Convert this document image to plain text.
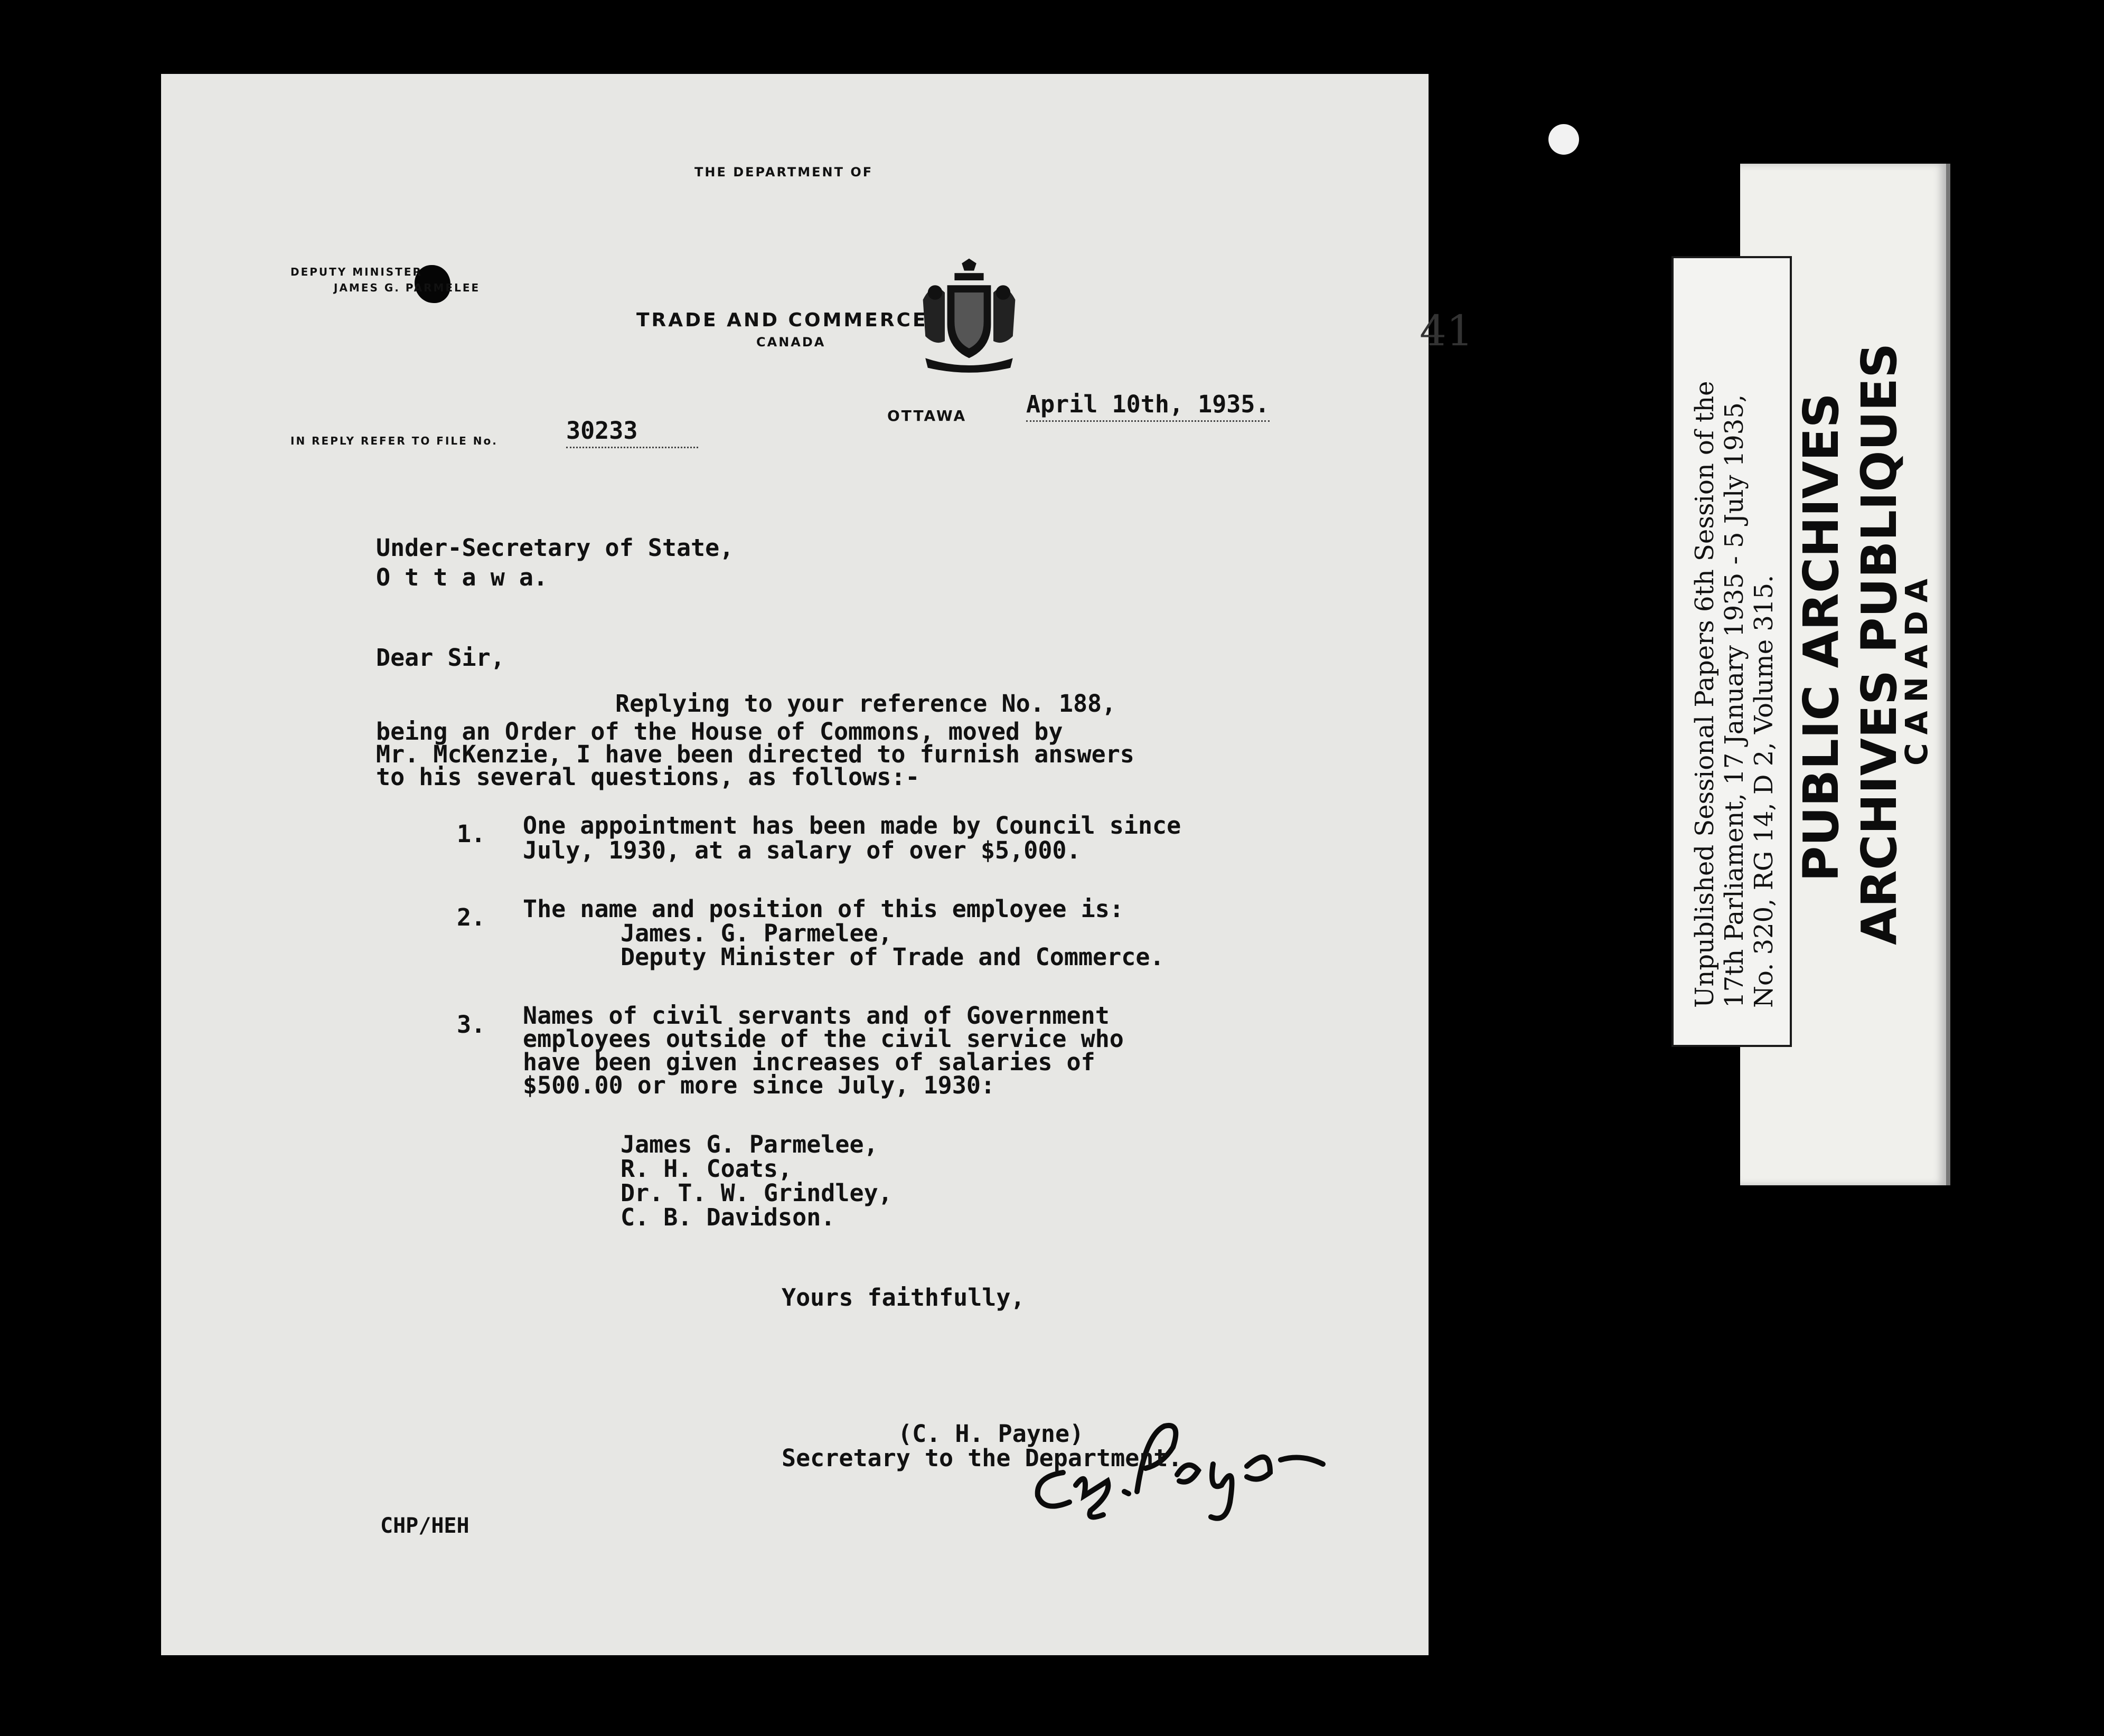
THE DEPARTMENT OF
TRADE AND COMMERCE
CANADA
DEPUTY MINISTER
JAMES G. PARMELEE
41
OTTAWA	April 10th, 1935.
IN REPLY REFER TO FILE No.	30233
Under-Secretary of State,
O t t a w a.
Dear Sir,
Replying to your reference No. 188,
being an Order of the House of Commons, moved by
Mr. McKenzie, I have been directed to furnish answers
to his several questions, as follows:-
1. One appointment has been made by Council since
July, 1930, at a salary of over $5,000.
2. The name and position of this employee is:
James. G. Parmelee,
Deputy Minister of Trade and Commerce.
3. Names of civil servants and of Government
employees outside of the civil service who
have been given increases of salaries of
$500.00 or more since July, 1930:
James G. Parmelee,
R. H. Coats,
Dr. T. W. Grindley,
C. B. Davidson.
Yours faithfully,
(C. H. Payne)
Secretary to the Department.
CHP/HEH
PUBLIC ARCHIVES ARCHIVES PUBLIQUES
CANADA
Unpublished Sessional Papers 6th Session of the 17th Parliament, 17 January 1935 - 5 July 1935, No. 320, RG 14, D 2, Volume 315.
